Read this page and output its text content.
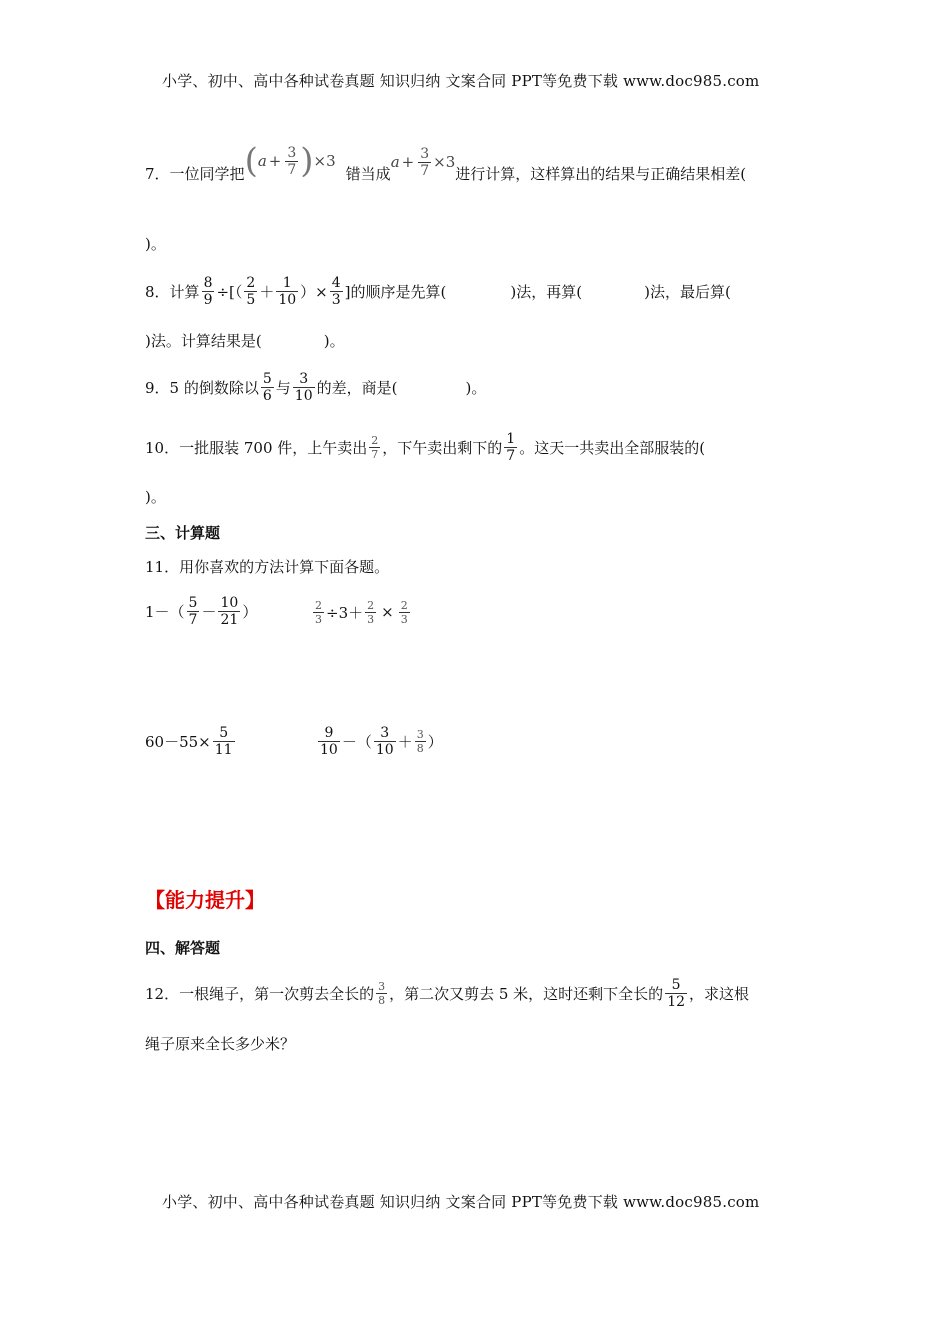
小学、初中、高中各种试卷真题 知识归纳 文案合同 PPT等免费下载 www.doc985.com
7． 一位同学把 ( $a + \frac{3}{7}$ ) ×3
错当成
$a + \frac{3}{7} \times 3$
进行计算，这样算出的结果与正确结果相差(
)。
8． 计算 $\frac{8}{9}$ ÷[（ $\frac{2}{5} + \frac{1}{10}$ ）× $\frac{4}{3}$ ]的顺序是先算(	)法，再算(	)法，最后算(
)法。计算结果是(	)。
9．5 的倒数除以 $\frac{5}{6}$ 与 $\frac{3}{10}$ 的差，商是(	)。
10．一批服装 700 件，上午卖出 $\frac{2}{7}$ ，下午卖出剩下的 $\frac{1}{7}$ 。这天一共卖出全部服装的(
)。
三、计算题
11．用你喜欢的方法计算下面各题。
$1-( \frac{5}{7} - \frac{10}{21}$ ）	$\frac{2}{3} \div 3+ \frac{2}{3} \times \frac{2}{3}$
$60-55\times \frac{5}{11}$	$\frac{9}{10}$ －（ $\frac{3}{10} + \frac{3}{8}$ ）
【能力提升】
四、解答题
12．一根绳子，第一次剪去全长的 $\frac{3}{8}$ ，第二次又剪去 5 米，这时还剩下全长的 $\frac{5}{12}$ ，求这根
绳子原来全长多少米？
小学、初中、高中各种试卷真题 知识归纳 文案合同 PPT等免费下载 www.doc985.com
